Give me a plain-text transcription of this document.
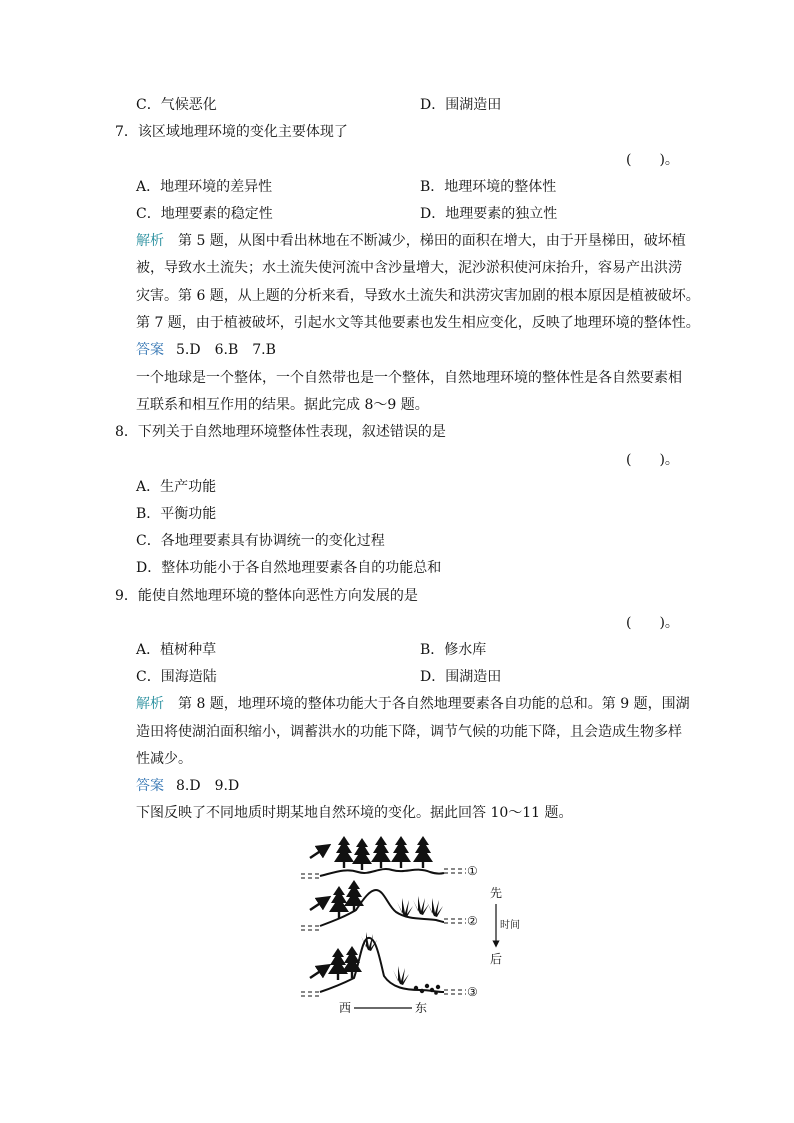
C．气候恶化	D．围湖造田
7．该区域地理环境的变化主要体现了
(　　)。
A．地理环境的差异性	B．地理环境的整体性
C．地理要素的稳定性	D．地理要素的独立性
解析 第 5 题，从图中看出林地在不断减少，梯田的面积在增大，由于开垦梯田，破坏植
被，导致水土流失；水土流失使河流中含沙量增大，泥沙淤积使河床抬升，容易产出洪涝
灾害。第 6 题，从上题的分析来看，导致水土流失和洪涝灾害加剧的根本原因是植被破坏。
第 7 题，由于植被破坏，引起水文等其他要素也发生相应变化，反映了地理环境的整体性。
答案 5.D　6.B　7.B
一个地球是一个整体，一个自然带也是一个整体，自然地理环境的整体性是各自然要素相
互联系和相互作用的结果。据此完成 8～9 题。
8．下列关于自然地理环境整体性表现，叙述错误的是
(　　)。
A．生产功能
B．平衡功能
C．各地理要素具有协调统一的变化过程
D．整体功能小于各自然地理要素各自的功能总和
9．能使自然地理环境的整体向恶性方向发展的是
(　　)。
A．植树种草	B．修水库
C．围海造陆	D．围湖造田
解析 第 8 题，地理环境的整体功能大于各自然地理要素各自功能的总和。第 9 题，围湖
造田将使湖泊面积缩小，调蓄洪水的功能下降，调节气候的功能下降，且会造成生物多样
性减少。
答案 8.D　9.D
下图反映了不同地质时期某地自然环境的变化。据此回答 10～11 题。
①
②
③
先
时间
后
西	东
